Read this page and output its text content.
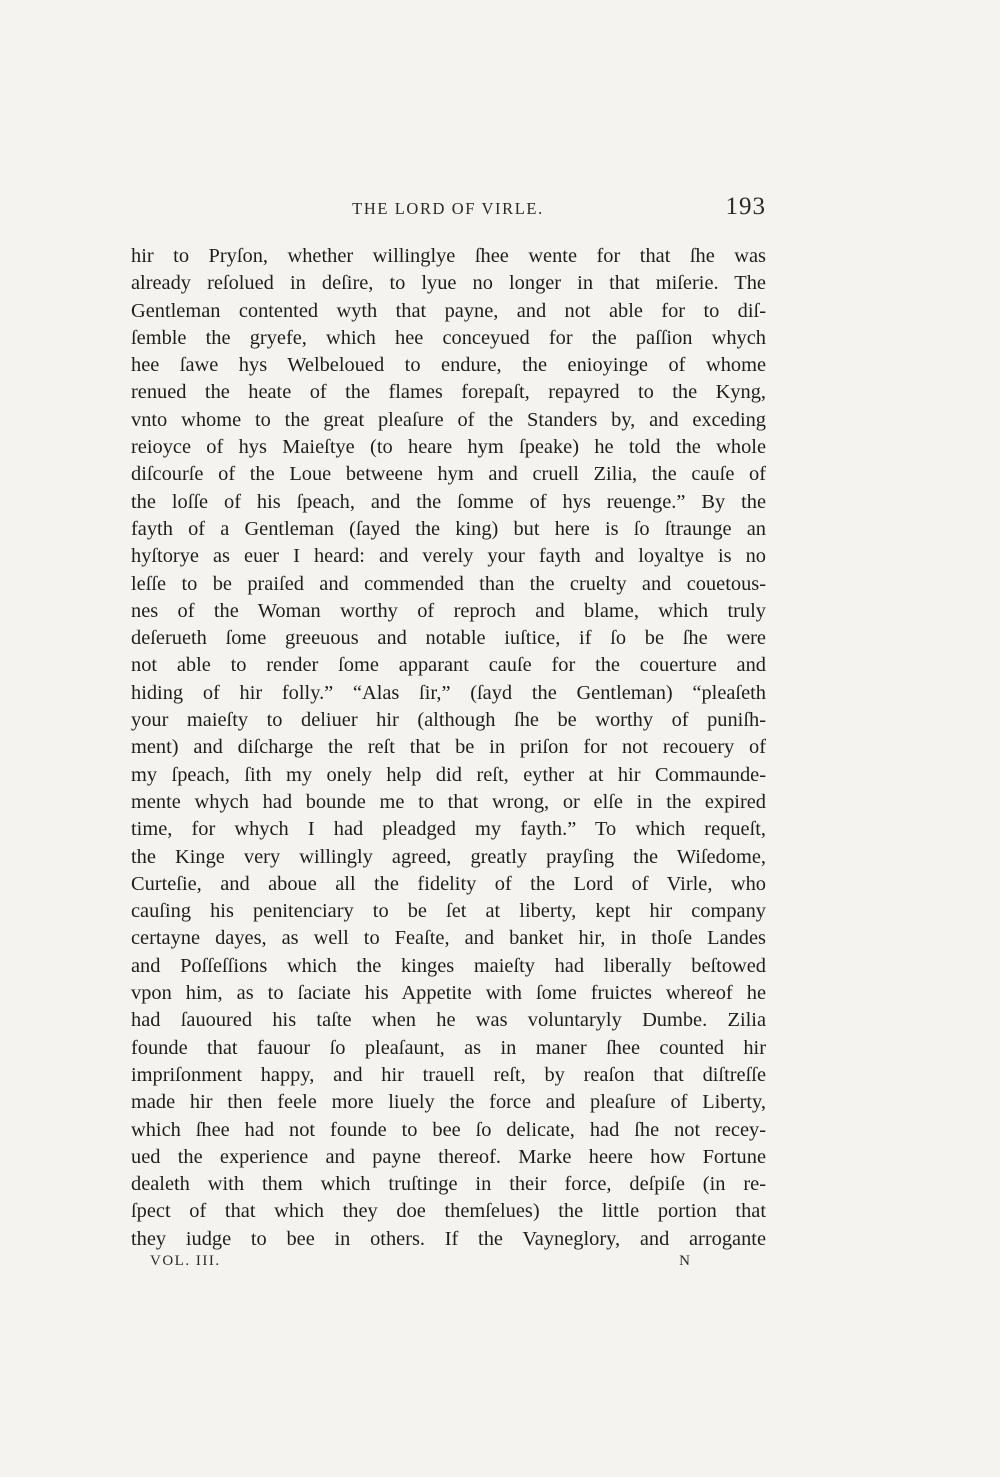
THE LORD OF VIRLE.	193
hir to Pryſon, whether willinglye ſhee wente for that ſhe was
already reſolued in deſire, to lyue no longer in that miſerie. The
Gentleman contented wyth that payne, and not able for to diſ-
ſemble the gryefe, which hee conceyued for the paſſion whych
hee ſawe hys Welbeloued to endure, the enioyinge of whome
renued the heate of the flames forepaſt, repayred to the Kyng,
vnto whome to the great pleaſure of the Standers by, and exceding
reioyce of hys Maieſtye (to heare hym ſpeake) he told the whole
diſcourſe of the Loue betweene hym and cruell Zilia, the cauſe of
the loſſe of his ſpeach, and the ſomme of hys reuenge.” By the
fayth of a Gentleman (ſayed the king) but here is ſo ſtraunge an
hyſtorye as euer I heard: and verely your fayth and loyaltye is no
leſſe to be praiſed and commended than the cruelty and couetous-
nes of the Woman worthy of reproch and blame, which truly
deſerueth ſome greeuous and notable iuſtice, if ſo be ſhe were
not able to render ſome apparant cauſe for the couerture and
hiding of hir folly.” “Alas ſir,” (ſayd the Gentleman) “pleaſeth
your maieſty to deliuer hir (although ſhe be worthy of puniſh-
ment) and diſcharge the reſt that be in priſon for not recouery of
my ſpeach, ſith my onely help did reſt, eyther at hir Commaunde-
mente whych had bounde me to that wrong, or elſe in the expired
time, for whych I had pleadged my fayth.” To which requeſt,
the Kinge very willingly agreed, greatly prayſing the Wiſedome,
Curteſie, and aboue all the fidelity of the Lord of Virle, who
cauſing his penitenciary to be ſet at liberty, kept hir company
certayne dayes, as well to Feaſte, and banket hir, in thoſe Landes
and Poſſeſſions which the kinges maieſty had liberally beſtowed
vpon him, as to ſaciate his Appetite with ſome fruictes whereof he
had ſauoured his taſte when he was voluntaryly Dumbe. Zilia
founde that fauour ſo pleaſaunt, as in maner ſhee counted hir
impriſonment happy, and hir trauell reſt, by reaſon that diſtreſſe
made hir then feele more liuely the force and pleaſure of Liberty,
which ſhee had not founde to bee ſo delicate, had ſhe not recey-
ued the experience and payne thereof. Marke heere how Fortune
dealeth with them which truſtinge in their force, deſpiſe (in re-
ſpect of that which they doe themſelues) the little portion that
they iudge to bee in others. If the Vayneglory, and arrogante
VOL. III.	N
